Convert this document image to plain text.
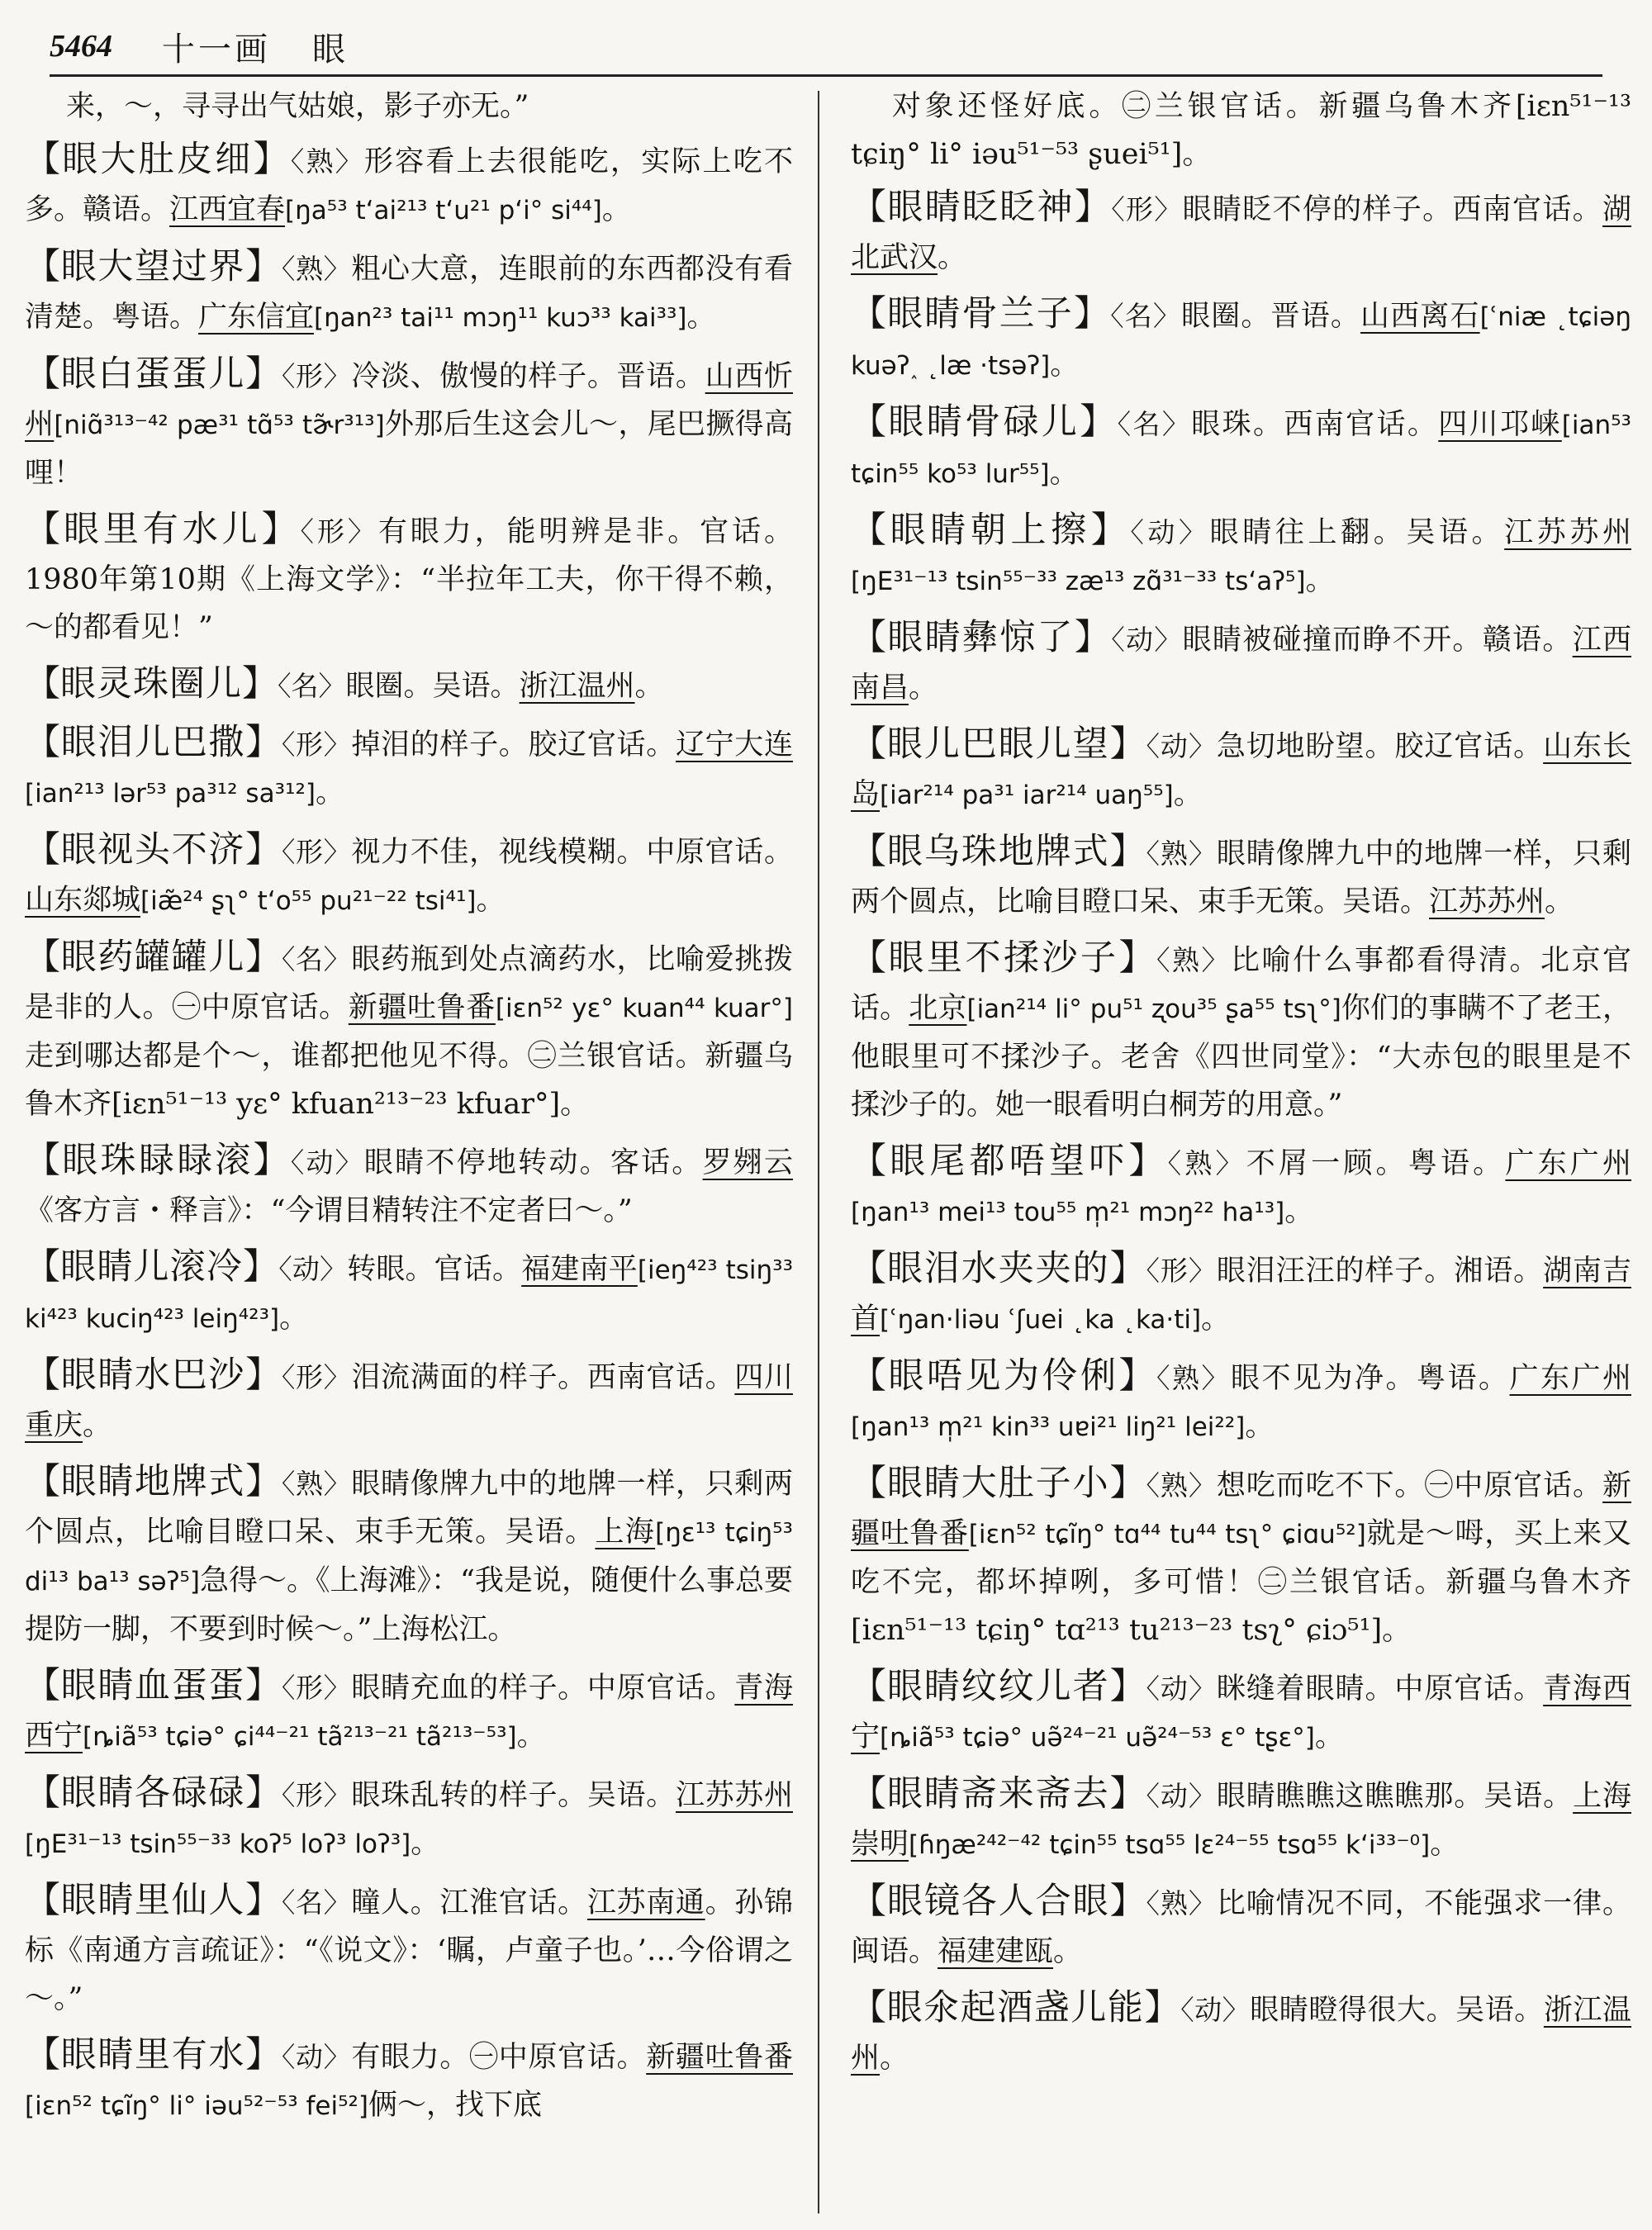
5464 十一画 眼

来，～，寻寻出气姑娘，影子亦无。”

【眼大肚皮细】〈熟〉形容看上去很能吃，实际上吃不多。赣语。江西宜春[ŋa⁵³ tʻai²¹³ tʻu²¹ pʻi° si⁴⁴]。

【眼大望过界】〈熟〉粗心大意，连眼前的东西都没有看清楚。粤语。广东信宜[ŋan²³ tai¹¹ mɔŋ¹¹ kuɔ³³ kai³³]。

【眼白蛋蛋儿】〈形〉冷淡、傲慢的样子。晋语。山西忻州[niɑ̃³¹³⁻⁴² pæ³¹ tɑ̃⁵³ tɚ̃r³¹³]外那后生这会儿～，尾巴撅得高哩！

【眼里有水儿】〈形〉有眼力，能明辨是非。官话。1980年第10期《上海文学》：“半拉年工夫，你干得不赖，～的都看见！”

【眼灵珠圈儿】〈名〉眼圈。吴语。浙江温州。

【眼泪儿巴撒】〈形〉掉泪的样子。胶辽官话。辽宁大连[ian²¹³ lər⁵³ pa³¹² sa³¹²]。

【眼视头不济】〈形〉视力不佳，视线模糊。中原官话。山东郯城[iæ̃²⁴ ʂʅ° tʻo⁵⁵ pu²¹⁻²² tsi⁴¹]。

【眼药罐罐儿】〈名〉眼药瓶到处点滴药水，比喻爱挑拨是非的人。㊀中原官话。新疆吐鲁番[iɛn⁵² yɛ° kuan⁴⁴ kuar°]走到哪达都是个～，谁都把他见不得。㊁兰银官话。新疆乌鲁木齐[iɛn⁵¹⁻¹³ yɛ° kfuan²¹³⁻²³ kfuar°]。

【眼珠睩睩滚】〈动〉眼睛不停地转动。客话。罗翙云《客方言・释言》：“今谓目精转注不定者曰～。”

【眼睛儿滚冷】〈动〉转眼。官话。福建南平[ieŋ⁴²³ tsiŋ³³ ki⁴²³ kuciŋ⁴²³ leiŋ⁴²³]。

【眼睛水巴沙】〈形〉泪流满面的样子。西南官话。四川重庆。

【眼睛地牌式】〈熟〉眼睛像牌九中的地牌一样，只剩两个圆点，比喻目瞪口呆、束手无策。吴语。上海[ŋɛ¹³ tɕiŋ⁵³ di¹³ ba¹³ səʔ⁵]急得～。《上海滩》：“我是说，随便什么事总要提防一脚，不要到时候～。”上海松江。

【眼睛血蛋蛋】〈形〉眼睛充血的样子。中原官话。青海西宁[ȵiã⁵³ tɕiə° ɕi⁴⁴⁻²¹ tã²¹³⁻²¹ tã²¹³⁻⁵³]。

【眼睛各碌碌】〈形〉眼珠乱转的样子。吴语。江苏苏州[ŋE³¹⁻¹³ tsin⁵⁵⁻³³ koʔ⁵ loʔ³ loʔ³]。

【眼睛里仙人】〈名〉瞳人。江淮官话。江苏南通。孙锦标《南通方言疏证》：“《说文》：‘瞩，卢童子也。’…今俗谓之～。”

【眼睛里有水】〈动〉有眼力。㊀中原官话。新疆吐鲁番[iɛn⁵² tɕĩŋ° li° iəu⁵²⁻⁵³ fei⁵²]俩～，找下底

对象还怪好底。㊁兰银官话。新疆乌鲁木齐[iɛn⁵¹⁻¹³ tɕiŋ° li° iəu⁵¹⁻⁵³ ʂuei⁵¹]。

【眼睛眨眨神】〈形〉眼睛眨不停的样子。西南官话。湖北武汉。

【眼睛骨兰子】〈名〉眼圈。晋语。山西离石[ʿniæ ˛tɕiəŋ kuəʔ˰ ˛læ ·tsəʔ]。

【眼睛骨碌儿】〈名〉眼珠。西南官话。四川邛崃[ian⁵³ tɕin⁵⁵ ko⁵³ lur⁵⁵]。

【眼睛朝上擦】〈动〉眼睛往上翻。吴语。江苏苏州[ŋE³¹⁻¹³ tsin⁵⁵⁻³³ zæ¹³ zɑ̃³¹⁻³³ tsʻaʔ⁵]。

【眼睛彝惊了】〈动〉眼睛被碰撞而睁不开。赣语。江西南昌。

【眼儿巴眼儿望】〈动〉急切地盼望。胶辽官话。山东长岛[iar²¹⁴ pa³¹ iar²¹⁴ uaŋ⁵⁵]。

【眼乌珠地牌式】〈熟〉眼睛像牌九中的地牌一样，只剩两个圆点，比喻目瞪口呆、束手无策。吴语。江苏苏州。

【眼里不揉沙子】〈熟〉比喻什么事都看得清。北京官话。北京[ian²¹⁴ li° pu⁵¹ ʐou³⁵ ʂa⁵⁵ tsʅ°]你们的事瞒不了老王，他眼里可不揉沙子。老舍《四世同堂》：“大赤包的眼里是不揉沙子的。她一眼看明白桐芳的用意。”

【眼尾都唔望吓】〈熟〉不屑一顾。粤语。广东广州[ŋan¹³ mei¹³ tou⁵⁵ m̩²¹ mɔŋ²² ha¹³]。

【眼泪水夹夹的】〈形〉眼泪汪汪的样子。湘语。湖南吉首[ʿŋan·liəu ʿʃuei ˛ka ˛ka·ti]。

【眼唔见为伶俐】〈熟〉眼不见为净。粤语。广东广州[ŋan¹³ m̩²¹ kin³³ uɐi²¹ liŋ²¹ lei²²]。

【眼睛大肚子小】〈熟〉想吃而吃不下。㊀中原官话。新疆吐鲁番[iɛn⁵² tɕĩŋ° tɑ⁴⁴ tu⁴⁴ tsʅ° ɕiɑu⁵²]就是～呣，买上来又吃不完，都坏掉咧，多可惜！㊁兰银官话。新疆乌鲁木齐[iɛn⁵¹⁻¹³ tɕiŋ° tɑ²¹³ tu²¹³⁻²³ tsʅ° ɕiɔ⁵¹]。

【眼睛纹纹儿者】〈动〉眯缝着眼睛。中原官话。青海西宁[ȵiã⁵³ tɕiə° uə̃²⁴⁻²¹ uə̃²⁴⁻⁵³ ɛ° tʂɛ°]。

【眼睛斋来斋去】〈动〉眼睛瞧瞧这瞧瞧那。吴语。上海崇明[ɦŋæ²⁴²⁻⁴² tɕin⁵⁵ tsɑ⁵⁵ lɛ²⁴⁻⁵⁵ tsɑ⁵⁵ kʻi³³⁻⁰]。

【眼镜各人合眼】〈熟〉比喻情况不同，不能强求一律。闽语。福建建瓯。

【眼氽起酒盏儿能】〈动〉眼睛瞪得很大。吴语。浙江温州。
